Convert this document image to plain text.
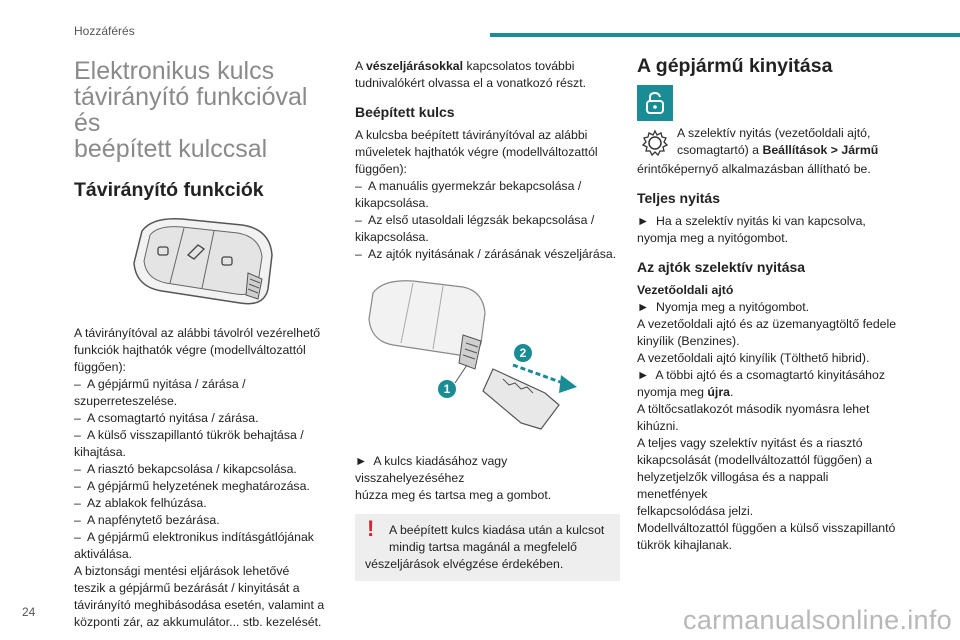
Hozzáférés
Elektronikus kulcs
távirányító funkcióval és
beépített kulccsal
Távirányító funkciók
A távirányítóval az alábbi távolról vezérelhető
funkciók hajthatók végre (modellváltozattól
függően):
–  A gépjármű nyitása / zárása /
szuperreteszelése.
–  A csomagtartó nyitása / zárása.
–  A külső visszapillantó tükrök behajtása /
kihajtása.
–  A riasztó bekapcsolása / kikapcsolása.
–  A gépjármű helyzetének meghatározása.
–  Az ablakok felhúzása.
–  A napfénytető bezárása.
–  A gépjármű elektronikus indításgátlójának
aktiválása.
A biztonsági mentési eljárások lehetővé
teszik a gépjármű bezárását / kinyitását a
távirányító meghibásodása esetén, valamint a
központi zár, az akkumulátor... stb. kezelését.

A vészeljárásokkal kapcsolatos további

tudnivalókért olvassa el a vonatkozó részt.

Beépített kulcs
A kulcsba beépített távirányítóval az alábbi
műveletek hajthatók végre (modellváltozattól
függően):
–  A manuális gyermekzár bekapcsolása /
kikapcsolása.
–  Az első utasoldali légzsák bekapcsolása /
kikapcsolása.
–  Az ajtók nyitásának / zárásának vészeljárása.
2
1
►  A kulcs kiadásához vagy visszahelyezéséhez
húzza meg és tartsa meg a gombot.
! A beépített kulcs kiadása után a kulcsot
mindig tartsa magánál a megfelelő
vészeljárások elvégzése érdekében.
A gépjármű kinyitása
A szelektív nyitás (vezetőoldali ajtó,
csomagtartó) a Beállítások > Jármű

érintőképernyő alkalmazásban állítható be.

Teljes nyitás
►  Ha a szelektív nyitás ki van kapcsolva,
nyomja meg a nyitógombot.
Az ajtók szelektív nyitása
Vezetőoldali ajtó
►  Nyomja meg a nyitógombot.
A vezetőoldali ajtó és az üzemanyagtöltő fedele
kinyílik (Benzines).
A vezetőoldali ajtó kinyílik (Tölthető hibrid).
►  A többi ajtó és a csomagtartó kinyitásához
nyomja meg újra.
A töltőcsatlakozót második nyomásra lehet
kihúzni.
A teljes vagy szelektív nyitást és a riasztó
kikapcsolását (modellváltozattól függően) a
helyzetjelzők villogása és a nappali menetfények
felkapcsolódása jelzi.
Modellváltozattól függően a külső visszapillantó
tükrök kihajlanak.
24	carmanualsonline.info
